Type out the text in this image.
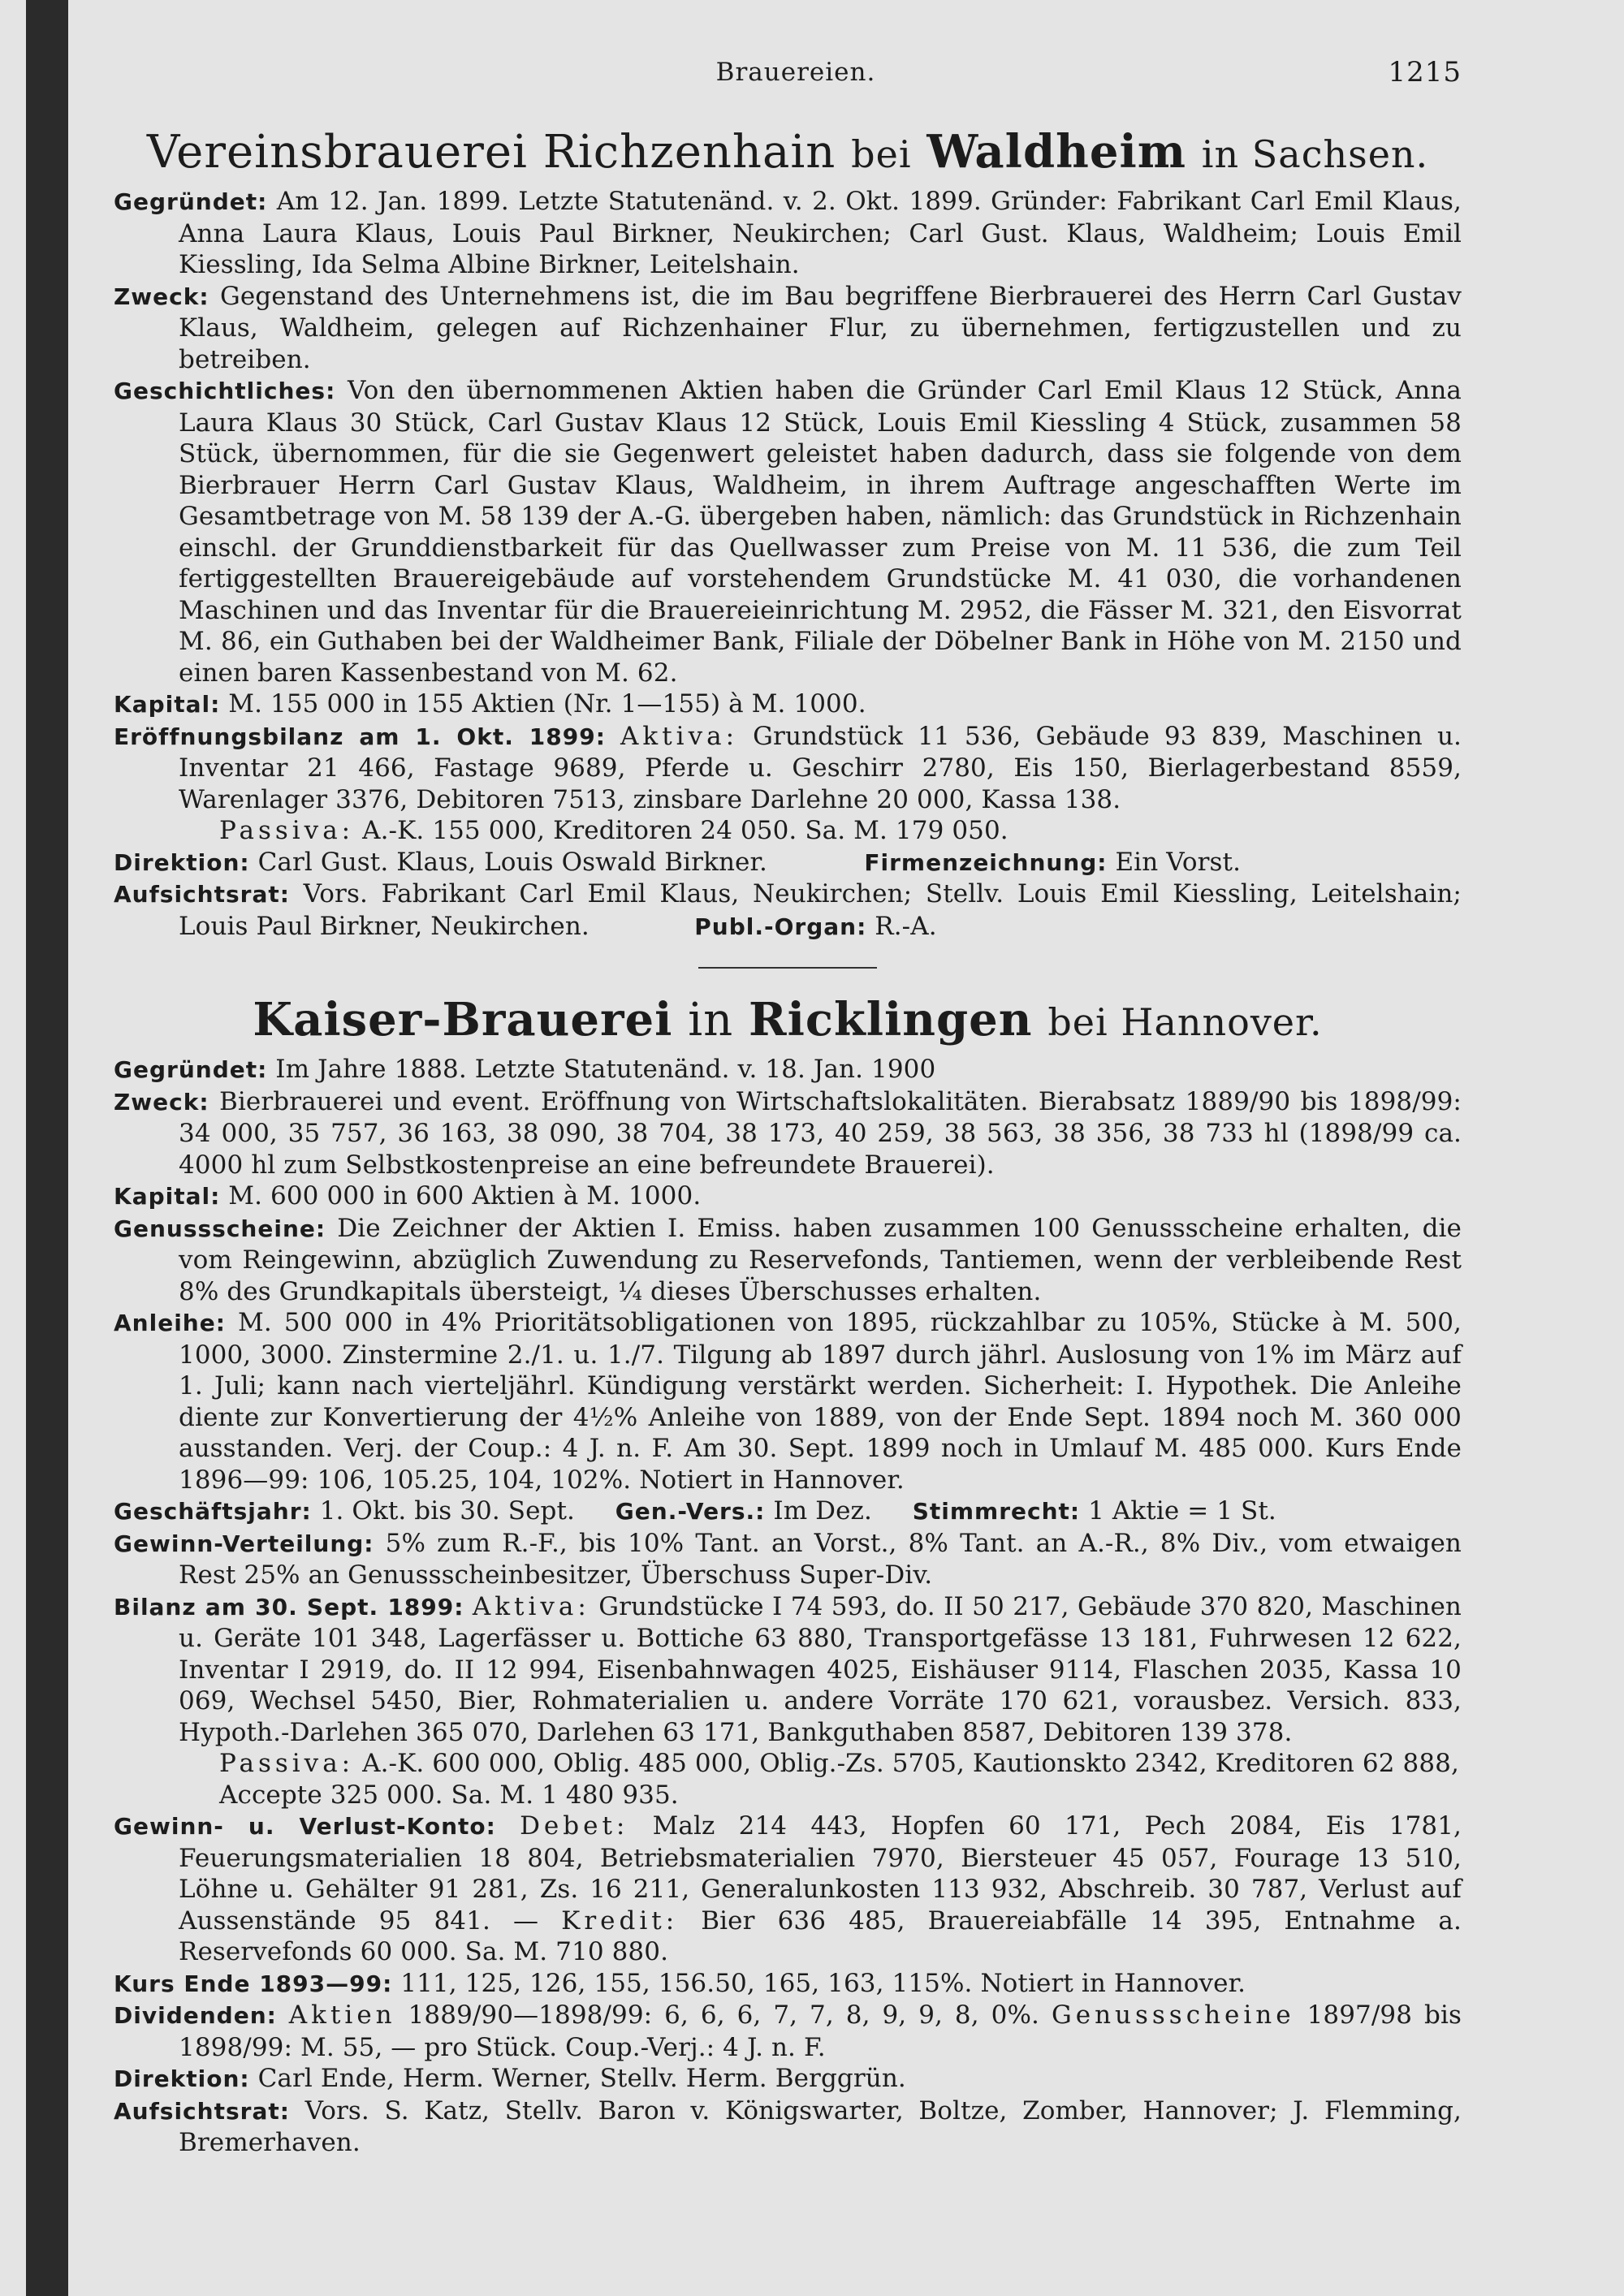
Brauereien.	1215
Vereinsbrauerei Richzenhain bei Waldheim in Sachsen.

Gegründet: Am 12. Jan. 1899. Letzte Statutenänd. v. 2. Okt. 1899. Gründer: Fabrikant Carl Emil Klaus, Anna Laura Klaus, Louis Paul Birkner, Neukirchen; Carl Gust. Klaus, Waldheim; Louis Emil Kiessling, Ida Selma Albine Birkner, Leitelshain.

Zweck: Gegenstand des Unternehmens ist, die im Bau begriffene Bierbrauerei des Herrn Carl Gustav Klaus, Waldheim, gelegen auf Richzenhainer Flur, zu übernehmen, fertigzustellen und zu betreiben.

Geschichtliches: Von den übernommenen Aktien haben die Gründer Carl Emil Klaus 12 Stück, Anna Laura Klaus 30 Stück, Carl Gustav Klaus 12 Stück, Louis Emil Kiessling 4 Stück, zusammen 58 Stück, übernommen, für die sie Gegenwert geleistet haben dadurch, dass sie folgende von dem Bierbrauer Herrn Carl Gustav Klaus, Waldheim, in ihrem Auftrage angeschafften Werte im Gesamtbetrage von M. 58 139 der A.-G. übergeben haben, nämlich: das Grundstück in Richzenhain einschl. der Grunddienstbarkeit für das Quellwasser zum Preise von M. 11 536, die zum Teil fertiggestellten Brauereigebäude auf vorstehendem Grundstücke M. 41 030, die vorhandenen Maschinen und das Inventar für die Brauereieinrichtung M. 2952, die Fässer M. 321, den Eisvorrat M. 86, ein Guthaben bei der Waldheimer Bank, Filiale der Döbelner Bank in Höhe von M. 2150 und einen baren Kassenbestand von M. 62.

Kapital: M. 155 000 in 155 Aktien (Nr. 1—155) à M. 1000.

Eröffnungsbilanz am 1. Okt. 1899: Aktiva: Grundstück 11 536, Gebäude 93 839, Maschinen u. Inventar 21 466, Fastage 9689, Pferde u. Geschirr 2780, Eis 150, Bierlagerbestand 8559, Warenlager 3376, Debitoren 7513, zinsbare Darlehne 20 000, Kassa 138.

Passiva: A.-K. 155 000, Kreditoren 24 050. Sa. M. 179 050.

Direktion: Carl Gust. Klaus, Louis Oswald Birkner.	Firmenzeichnung: Ein Vorst.

Aufsichtsrat: Vors. Fabrikant Carl Emil Klaus, Neukirchen; Stellv. Louis Emil Kiessling, Leitelshain; Louis Paul Birkner, Neukirchen.	Publ.-Organ: R.-A.

Kaiser-Brauerei in Ricklingen bei Hannover.

Gegründet: Im Jahre 1888. Letzte Statutenänd. v. 18. Jan. 1900

Zweck: Bierbrauerei und event. Eröffnung von Wirtschaftslokalitäten. Bierabsatz 1889/90 bis 1898/99: 34 000, 35 757, 36 163, 38 090, 38 704, 38 173, 40 259, 38 563, 38 356, 38 733 hl (1898/99 ca. 4000 hl zum Selbstkostenpreise an eine befreundete Brauerei).

Kapital: M. 600 000 in 600 Aktien à M. 1000.

Genussscheine: Die Zeichner der Aktien I. Emiss. haben zusammen 100 Genussscheine erhalten, die vom Reingewinn, abzüglich Zuwendung zu Reservefonds, Tantiemen, wenn der verbleibende Rest 8% des Grundkapitals übersteigt, ¼ dieses Überschusses erhalten.

Anleihe: M. 500 000 in 4% Prioritätsobligationen von 1895, rückzahlbar zu 105%, Stücke à M. 500, 1000, 3000. Zinstermine 2./1. u. 1./7. Tilgung ab 1897 durch jährl. Auslosung von 1% im März auf 1. Juli; kann nach vierteljährl. Kündigung verstärkt werden. Sicherheit: I. Hypothek. Die Anleihe diente zur Konvertierung der 4½% Anleihe von 1889, von der Ende Sept. 1894 noch M. 360 000 ausstanden. Verj. der Coup.: 4 J. n. F. Am 30. Sept. 1899 noch in Umlauf M. 485 000. Kurs Ende 1896—99: 106, 105.25, 104, 102%. Notiert in Hannover.

Geschäftsjahr: 1. Okt. bis 30. Sept. Gen.-Vers.: Im Dez. Stimmrecht: 1 Aktie = 1 St.

Gewinn-Verteilung: 5% zum R.-F., bis 10% Tant. an Vorst., 8% Tant. an A.-R., 8% Div., vom etwaigen Rest 25% an Genussscheinbesitzer, Überschuss Super-Div.

Bilanz am 30. Sept. 1899: Aktiva: Grundstücke I 74 593, do. II 50 217, Gebäude 370 820, Maschinen u. Geräte 101 348, Lagerfässer u. Bottiche 63 880, Transportgefässe 13 181, Fuhrwesen 12 622, Inventar I 2919, do. II 12 994, Eisenbahnwagen 4025, Eishäuser 9114, Flaschen 2035, Kassa 10 069, Wechsel 5450, Bier, Rohmaterialien u. andere Vorräte 170 621, vorausbez. Versich. 833, Hypoth.-Darlehen 365 070, Darlehen 63 171, Bankguthaben 8587, Debitoren 139 378.

Passiva: A.-K. 600 000, Oblig. 485 000, Oblig.-Zs. 5705, Kautionskto 2342, Kreditoren 62 888, Accepte 325 000. Sa. M. 1 480 935.

Gewinn- u. Verlust-Konto: Debet: Malz 214 443, Hopfen 60 171, Pech 2084, Eis 1781, Feuerungsmaterialien 18 804, Betriebsmaterialien 7970, Biersteuer 45 057, Fourage 13 510, Löhne u. Gehälter 91 281, Zs. 16 211, Generalunkosten 113 932, Abschreib. 30 787, Verlust auf Aussenstände 95 841. — Kredit: Bier 636 485, Brauereiabfälle 14 395, Entnahme a. Reservefonds 60 000. Sa. M. 710 880.

Kurs Ende 1893—99: 111, 125, 126, 155, 156.50, 165, 163, 115%. Notiert in Hannover.

Dividenden: Aktien 1889/90—1898/99: 6, 6, 6, 7, 7, 8, 9, 9, 8, 0%. Genussscheine 1897/98 bis 1898/99: M. 55, — pro Stück. Coup.-Verj.: 4 J. n. F.

Direktion: Carl Ende, Herm. Werner, Stellv. Herm. Berggrün.

Aufsichtsrat: Vors. S. Katz, Stellv. Baron v. Königswarter, Boltze, Zomber, Hannover; J. Flemming, Bremerhaven.
